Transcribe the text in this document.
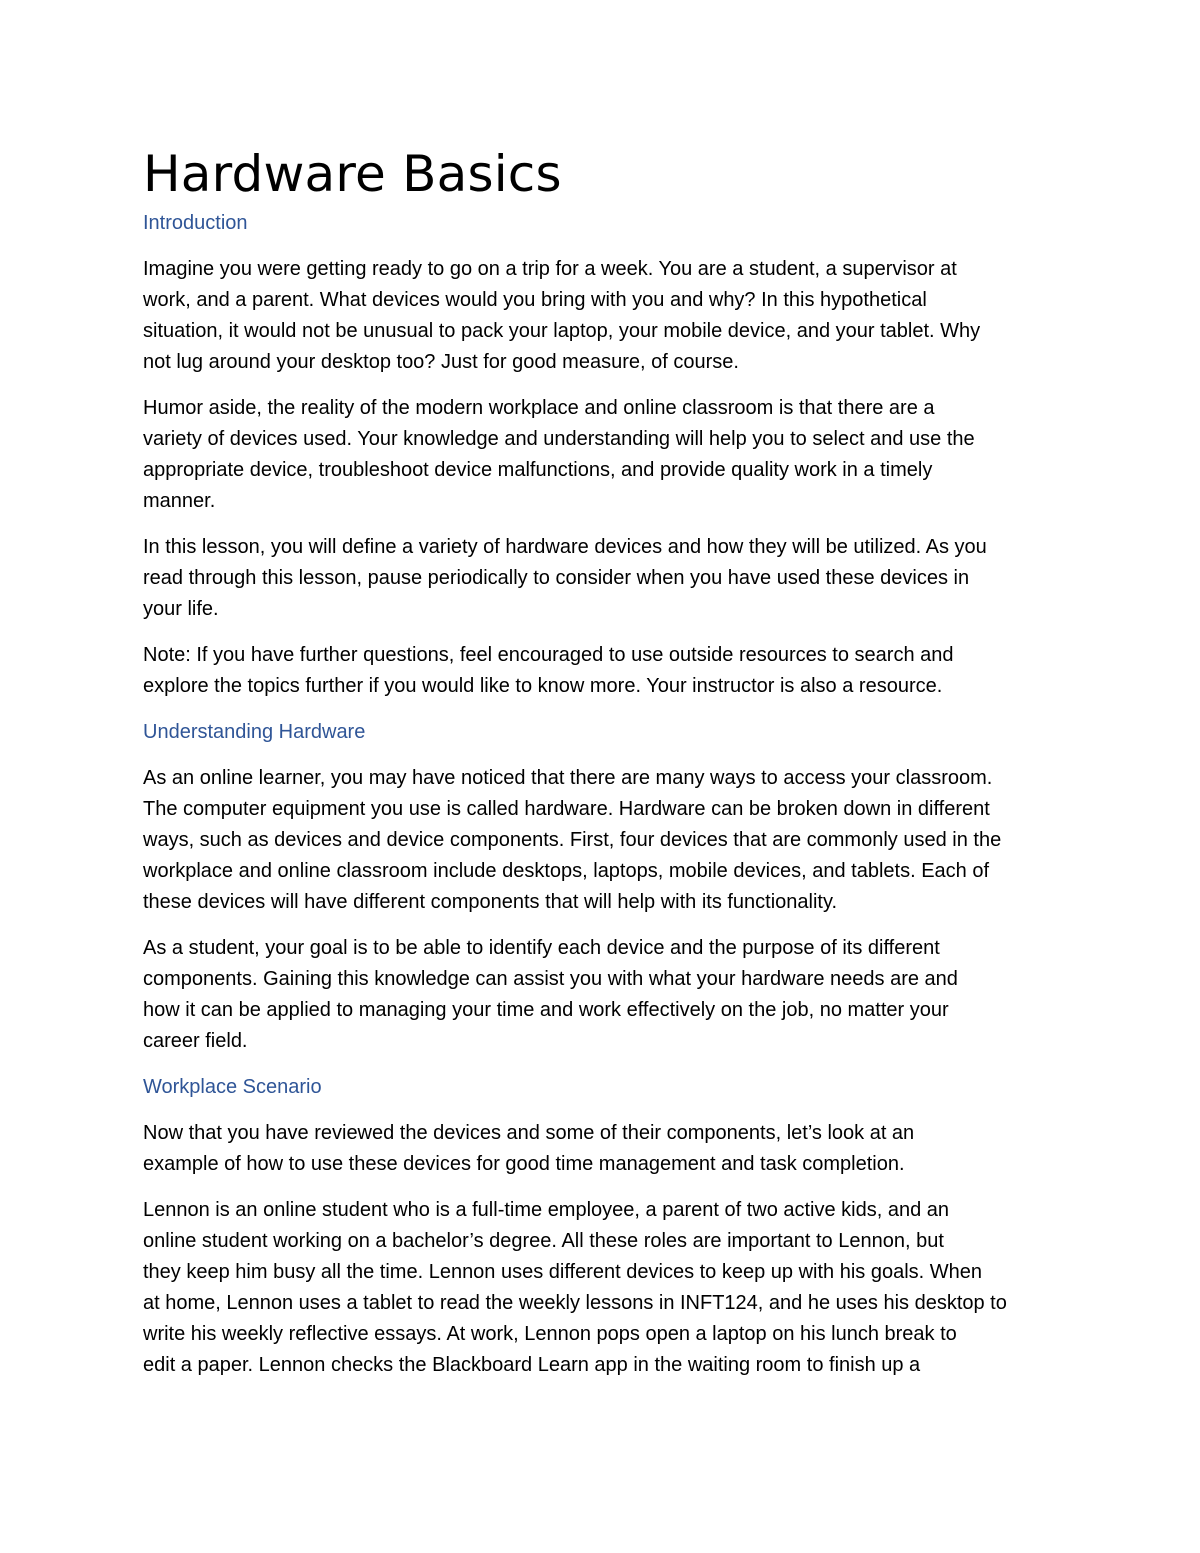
Hardware Basics
Introduction
Imagine you were getting ready to go on a trip for a week. You are a student, a supervisor at
work, and a parent. What devices would you bring with you and why? In this hypothetical
situation, it would not be unusual to pack your laptop, your mobile device, and your tablet. Why
not lug around your desktop too? Just for good measure, of course.
Humor aside, the reality of the modern workplace and online classroom is that there are a
variety of devices used. Your knowledge and understanding will help you to select and use the
appropriate device, troubleshoot device malfunctions, and provide quality work in a timely
manner.
In this lesson, you will define a variety of hardware devices and how they will be utilized. As you
read through this lesson, pause periodically to consider when you have used these devices in
your life.
Note: If you have further questions, feel encouraged to use outside resources to search and
explore the topics further if you would like to know more. Your instructor is also a resource.
Understanding Hardware
As an online learner, you may have noticed that there are many ways to access your classroom.
The computer equipment you use is called hardware. Hardware can be broken down in different
ways, such as devices and device components. First, four devices that are commonly used in the
workplace and online classroom include desktops, laptops, mobile devices, and tablets. Each of
these devices will have different components that will help with its functionality.
As a student, your goal is to be able to identify each device and the purpose of its different
components. Gaining this knowledge can assist you with what your hardware needs are and
how it can be applied to managing your time and work effectively on the job, no matter your
career field.
Workplace Scenario
Now that you have reviewed the devices and some of their components, let’s look at an
example of how to use these devices for good time management and task completion.
Lennon is an online student who is a full-time employee, a parent of two active kids, and an
online student working on a bachelor’s degree. All these roles are important to Lennon, but
they keep him busy all the time. Lennon uses different devices to keep up with his goals. When
at home, Lennon uses a tablet to read the weekly lessons in INFT124, and he uses his desktop to
write his weekly reflective essays. At work, Lennon pops open a laptop on his lunch break to
edit a paper. Lennon checks the Blackboard Learn app in the waiting room to finish up a
